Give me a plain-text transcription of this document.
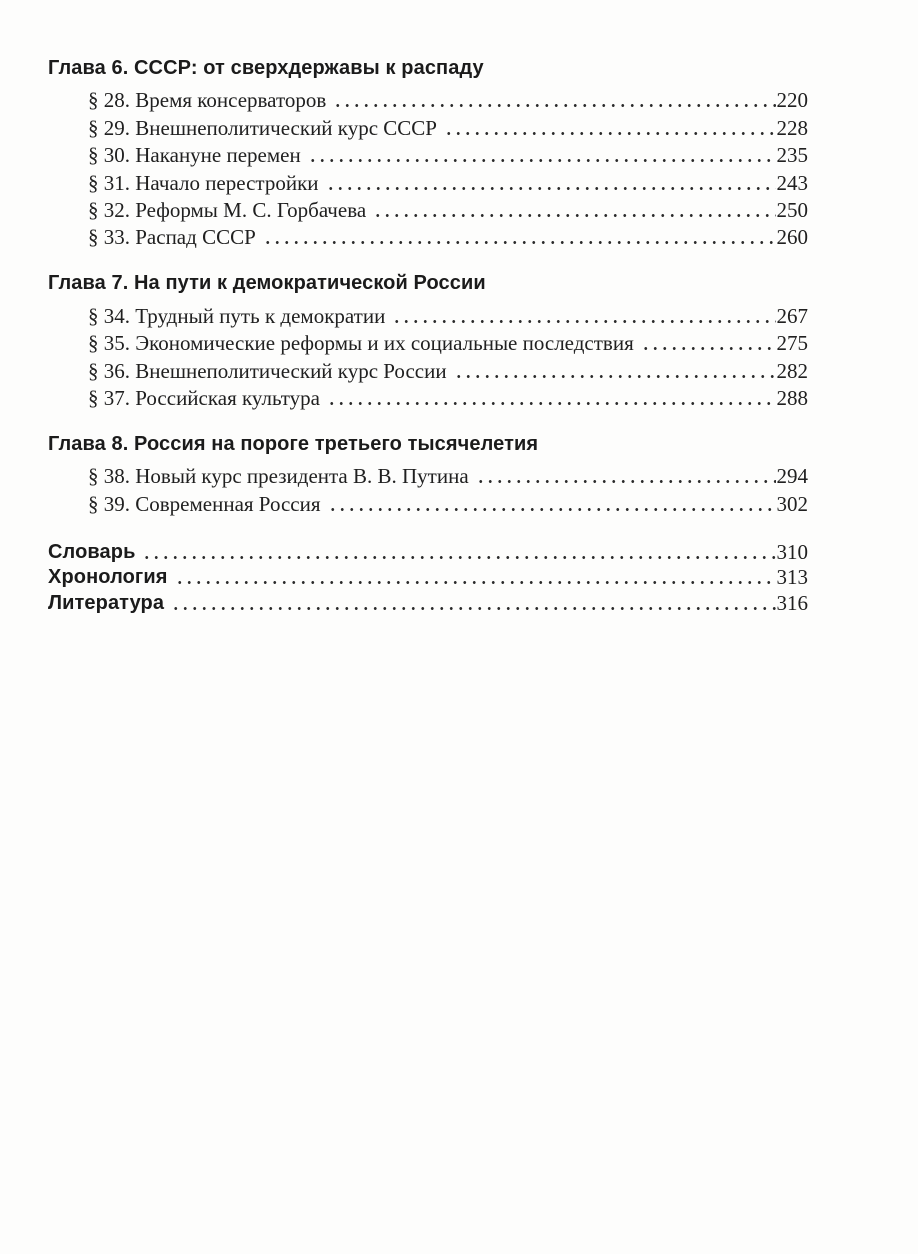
Глава 6. СССР: от сверхдержавы к распаду
§ 28. Время консерваторов	220
§ 29. Внешнеполитический курс СССР	228
§ 30. Накануне перемен	235
§ 31. Начало перестройки	243
§ 32. Реформы М. С. Горбачева	250
§ 33. Распад СССР	260
Глава 7. На пути к демократической России
§ 34. Трудный путь к демократии	267
§ 35. Экономические реформы и их социальные последствия	275
§ 36. Внешнеполитический курс России	282
§ 37. Российская культура	288
Глава 8. Россия на пороге третьего тысячелетия
§ 38. Новый курс президента В. В. Путина	294
§ 39. Современная Россия	302
Словарь	310
Хронология	313
Литература	316
